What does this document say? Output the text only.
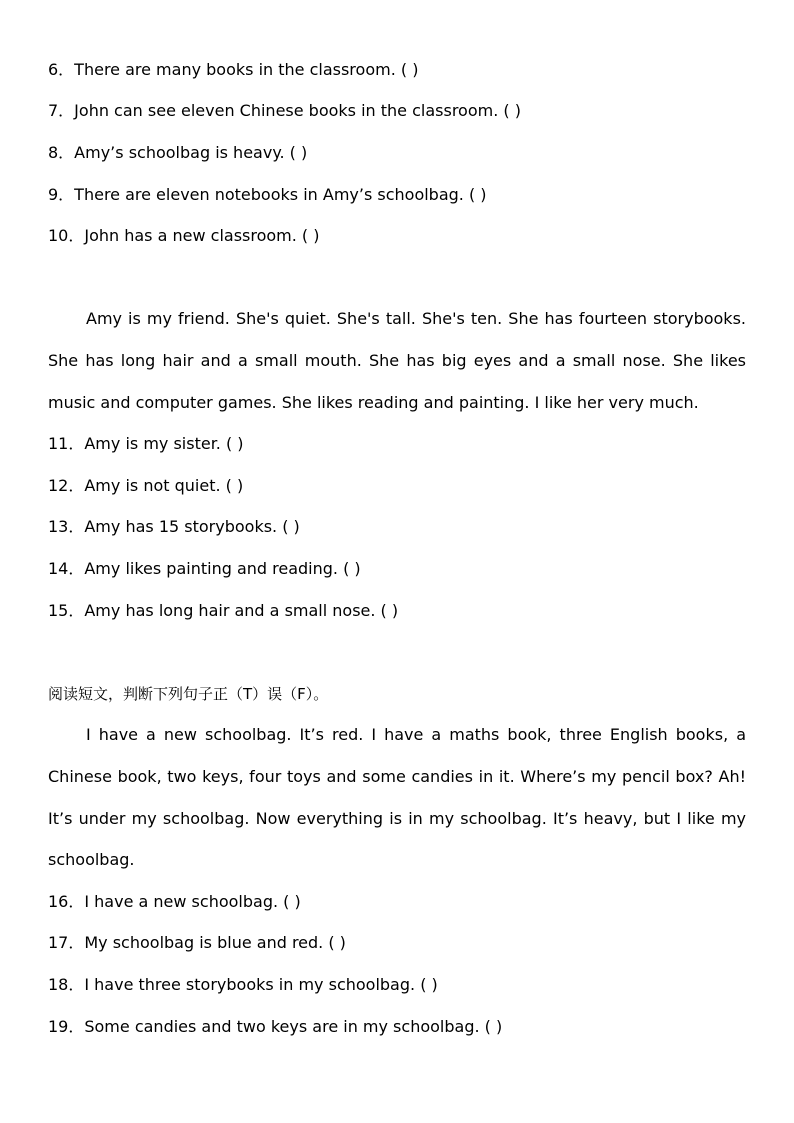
6．There are many books in the classroom. ( )
7．John can see eleven Chinese books in the classroom. ( )
8．Amy’s schoolbag is heavy. ( )
9．There are eleven notebooks in Amy’s schoolbag. ( )
10．John has a new classroom. ( )
Amy is my friend. She's quiet. She's tall. She's ten. She has fourteen storybooks.
She has long hair and a small mouth. She has big eyes and a small nose. She likes
music and computer games. She likes reading and painting. I like her very much.
11．Amy is my sister. ( )
12．Amy is not quiet. ( )
13．Amy has 15 storybooks. ( )
14．Amy likes painting and reading. ( )
15．Amy has long hair and a small nose. ( )
阅读短文，判断下列句子正（T）误（F）。
I have a new schoolbag. It’s red. I have a maths book, three English books, a
Chinese book, two keys, four toys and some candies in it. Where’s my pencil box? Ah!
It’s under my schoolbag. Now everything is in my schoolbag. It’s heavy, but I like my
schoolbag.
16．I have a new schoolbag. ( )
17．My schoolbag is blue and red. ( )
18．I have three storybooks in my schoolbag. ( )
19．Some candies and two keys are in my schoolbag. ( )
